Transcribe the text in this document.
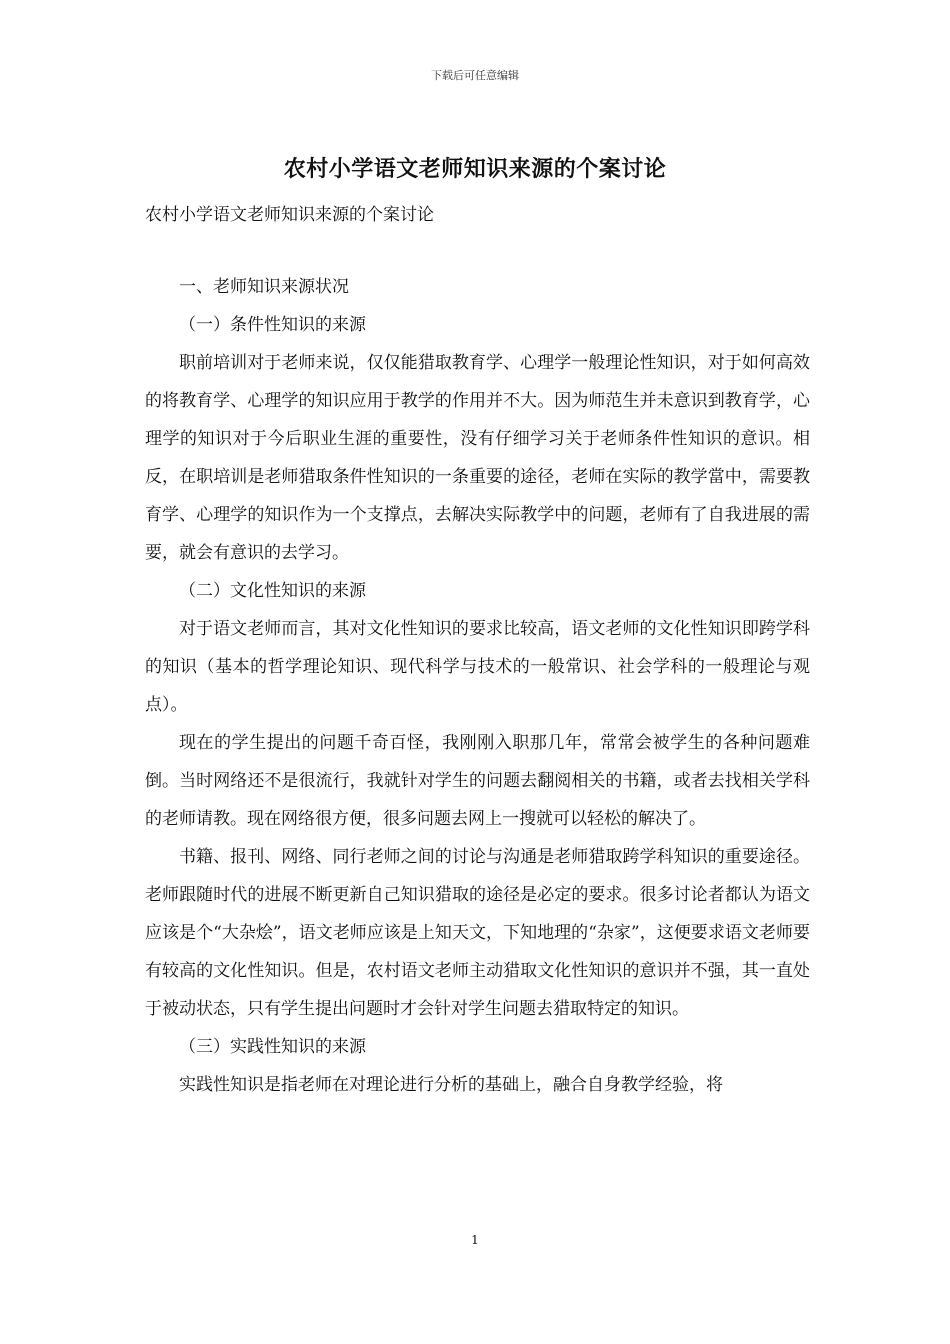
下载后可任意编辑
农村小学语文老师知识来源的个案讨论
农村小学语文老师知识来源的个案讨论

一、老师知识来源状况

（一）条件性知识的来源

职前培训对于老师来说，仅仅能猎取教育学、心理学一般理论性知识，对于如何高效的将教育学、心理学的知识应用于教学的作用并不大。因为师范生并未意识到教育学，心理学的知识对于今后职业生涯的重要性，没有仔细学习关于老师条件性知识的意识。相反，在职培训是老师猎取条件性知识的一条重要的途径，老师在实际的教学當中，需要教育学、心理学的知识作为一个支撑点，去解决实际教学中的问题，老师有了自我进展的需要，就会有意识的去学习。

（二）文化性知识的来源

对于语文老师而言，其对文化性知识的要求比较高，语文老师的文化性知识即跨学科的知识（基本的哲学理论知识、现代科学与技术的一般常识、社会学科的一般理论与观点）。

现在的学生提出的问题千奇百怪，我刚刚入职那几年，常常会被学生的各种问题难倒。当时网络还不是很流行，我就针对学生的问题去翻阅相关的书籍，或者去找相关学科的老师请教。现在网络很方便，很多问题去网上一搜就可以轻松的解决了。

书籍、报刊、网络、同行老师之间的讨论与沟通是老师猎取跨学科知识的重要途径。老师跟随时代的进展不断更新自己知识猎取的途径是必定的要求。很多讨论者都认为语文应该是个“大杂烩”，语文老师应该是上知天文，下知地理的“杂家”，这便要求语文老师要有较高的文化性知识。但是，农村语文老师主动猎取文化性知识的意识并不强，其一直处于被动状态，只有学生提出问题时才会针对学生问题去猎取特定的知识。

（三）实践性知识的来源

实践性知识是指老师在对理论进行分析的基础上，融合自身教学经验，将

1
